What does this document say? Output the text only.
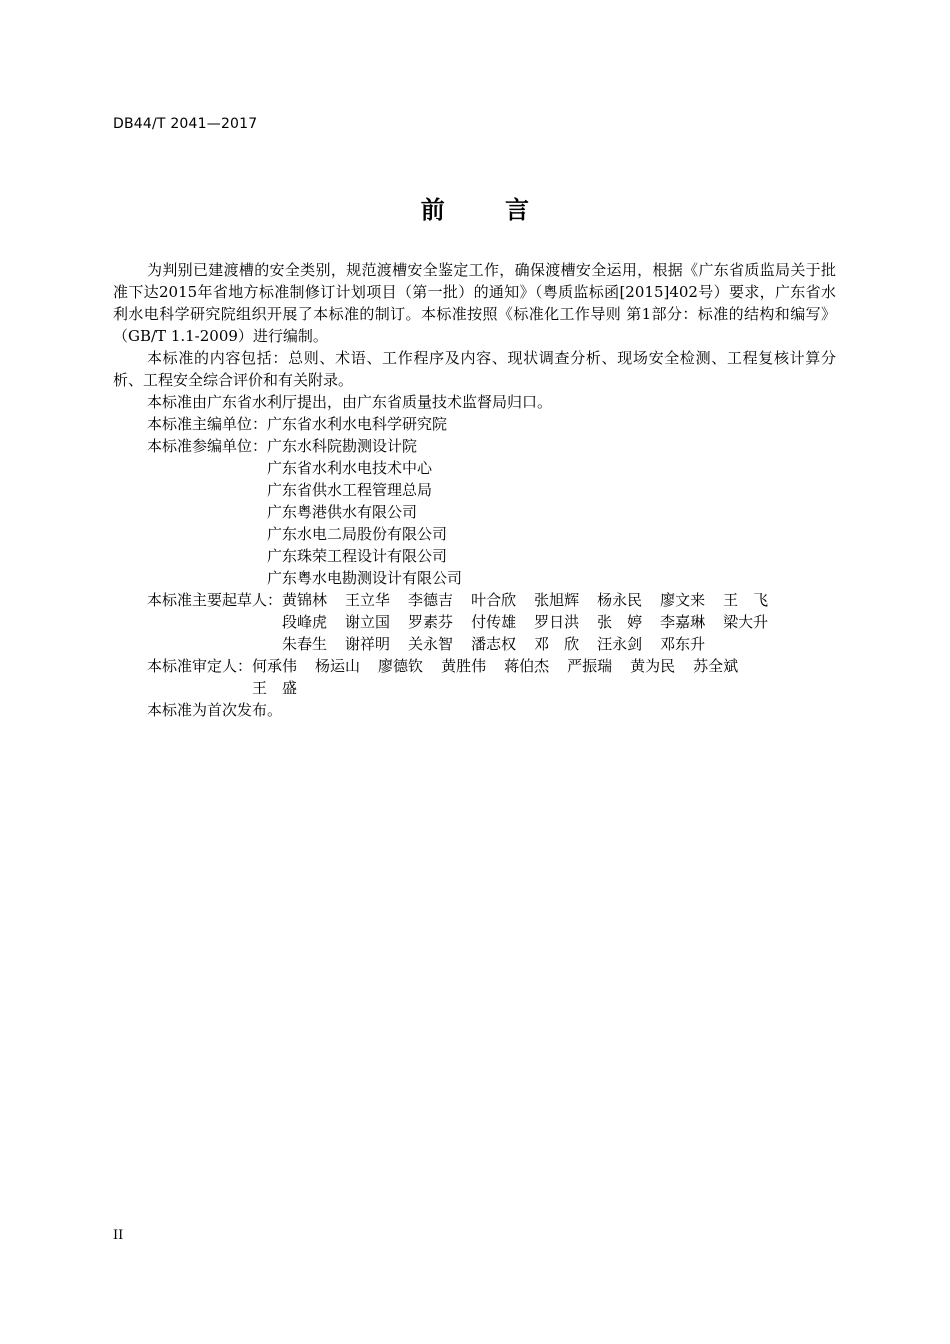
DB44/T 2041—2017
前	言

为判别已建渡槽的安全类别，规范渡槽安全鉴定工作，确保渡槽安全运用，根据《广东省质监局关于批准下达2015年省地方标准制修订计划项目（第一批）的通知》（粤质监标函[2015]402号）要求，广东省水利水电科学研究院组织开展了本标准的制订。本标准按照《标准化工作导则 第1部分：标准的结构和编写》（GB/T 1.1-2009）进行编制。

本标准的内容包括：总则、术语、工作程序及内容、现状调查分析、现场安全检测、工程复核计算分析、工程安全综合评价和有关附录。

本标准由广东省水利厅提出，由广东省质量技术监督局归口。

本标准主编单位： 广东省水利水电科学研究院
本标准参编单位： 广东水科院勘测设计院
广东省水利水电技术中心
广东省供水工程管理总局
广东粤港供水有限公司
广东水电二局股份有限公司
广东珠荣工程设计有限公司
广东粤水电勘测设计有限公司
本标准主要起草人： 黄锦林 王立华 李德吉 叶合欣 张旭辉 杨永民 廖文来 王　飞
段峰虎 谢立国 罗素芬 付传雄 罗日洪 张　婷 李嘉琳 梁大升
朱春生 谢祥明 关永智 潘志权 邓　欣 汪永剑 邓东升
本标准审定人： 何承伟 杨运山 廖德钦 黄胜伟 蒋伯杰 严振瑞 黄为民 苏全斌
王　盛

本标准为首次发布。

II
